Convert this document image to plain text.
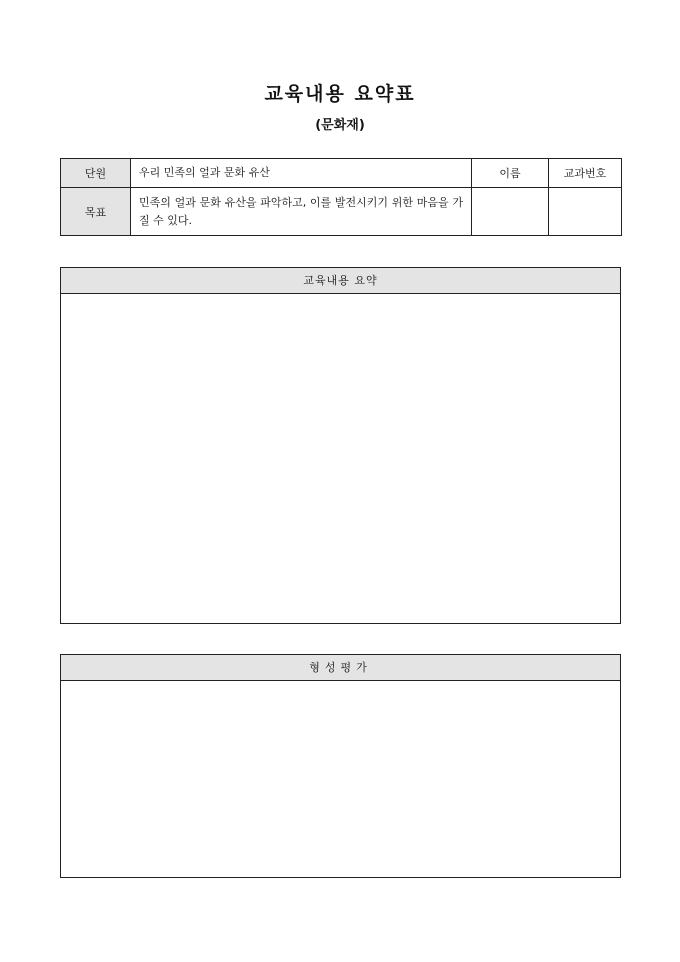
교육내용 요약표
(문화재)
단원	우리 민족의 얼과 문화 유산	이름	교과번호
목표	민족의 얼과 문화 유산을 파악하고, 이를 발전시키기 위한 마음을 가질 수 있다.		
교육내용 요약
형성평가
